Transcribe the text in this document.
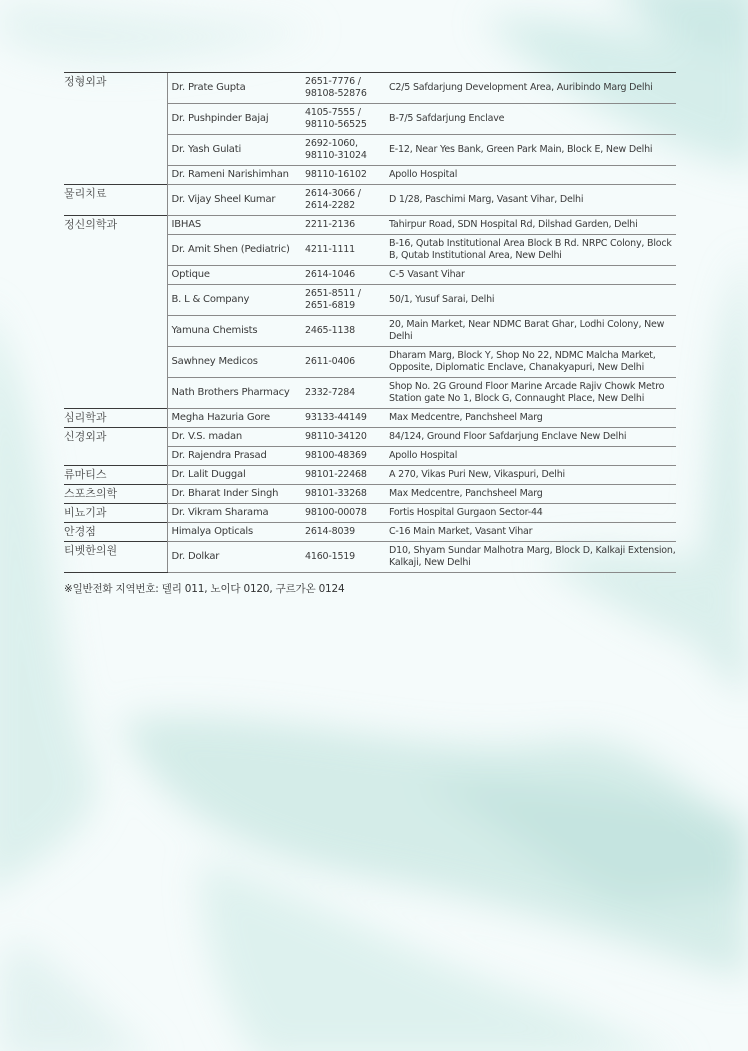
정형외과	Dr. Prate Gupta	2651-7776 / 98108-52876	C2/5 Safdarjung Development Area, Auribindo Marg Delhi
	Dr. Pushpinder Bajaj	4105-7555 / 98110-56525	B-7/5 Safdarjung Enclave
	Dr. Yash Gulati	2692-1060, 98110-31024	E-12, Near Yes Bank, Green Park Main, Block E, New Delhi
	Dr. Rameni Narishimhan	98110-16102	Apollo Hospital
물리치료	Dr. Vijay Sheel Kumar	2614-3066 / 2614-2282	D 1/28, Paschimi Marg, Vasant Vihar, Delhi
정신의학과	IBHAS	2211-2136	Tahirpur Road, SDN Hospital Rd, Dilshad Garden, Delhi
	Dr. Amit Shen (Pediatric)	4211-1111	B-16, Qutab Institutional Area Block B Rd. NRPC Colony, Block B, Qutab Institutional Area, New Delhi
	Optique	2614-1046	C-5 Vasant Vihar
	B. L & Company	2651-8511 / 2651-6819	50/1, Yusuf Sarai, Delhi
	Yamuna Chemists	2465-1138	20, Main Market, Near NDMC Barat Ghar, Lodhi Colony, New Delhi
	Sawhney Medicos	2611-0406	Dharam Marg, Block Y, Shop No 22, NDMC Malcha Market, Opposite, Diplomatic Enclave, Chanakyapuri, New Delhi
	Nath Brothers Pharmacy	2332-7284	Shop No. 2G Ground Floor Marine Arcade Rajiv Chowk Metro Station gate No 1, Block G, Connaught Place, New Delhi
심리학과	Megha Hazuria Gore	93133-44149	Max Medcentre, Panchsheel Marg
신경외과	Dr. V.S. madan	98110-34120	84/124, Ground Floor Safdarjung Enclave New Delhi
	Dr. Rajendra Prasad	98100-48369	Apollo Hospital
류마티스	Dr. Lalit Duggal	98101-22468	A 270, Vikas Puri New, Vikaspuri, Delhi
스포츠의학	Dr. Bharat Inder Singh	98101-33268	Max Medcentre, Panchsheel Marg
비뇨기과	Dr. Vikram Sharama	98100-00078	Fortis Hospital Gurgaon Sector-44
안경점	Himalya Opticals	2614-8039	C-16 Main Market, Vasant Vihar
티벳한의원	Dr. Dolkar	4160-1519	D10, Shyam Sundar Malhotra Marg, Block D, Kalkaji Extension, Kalkaji, New Delhi
※일반전화 지역번호: 델리 011, 노이다 0120, 구르가온 0124
